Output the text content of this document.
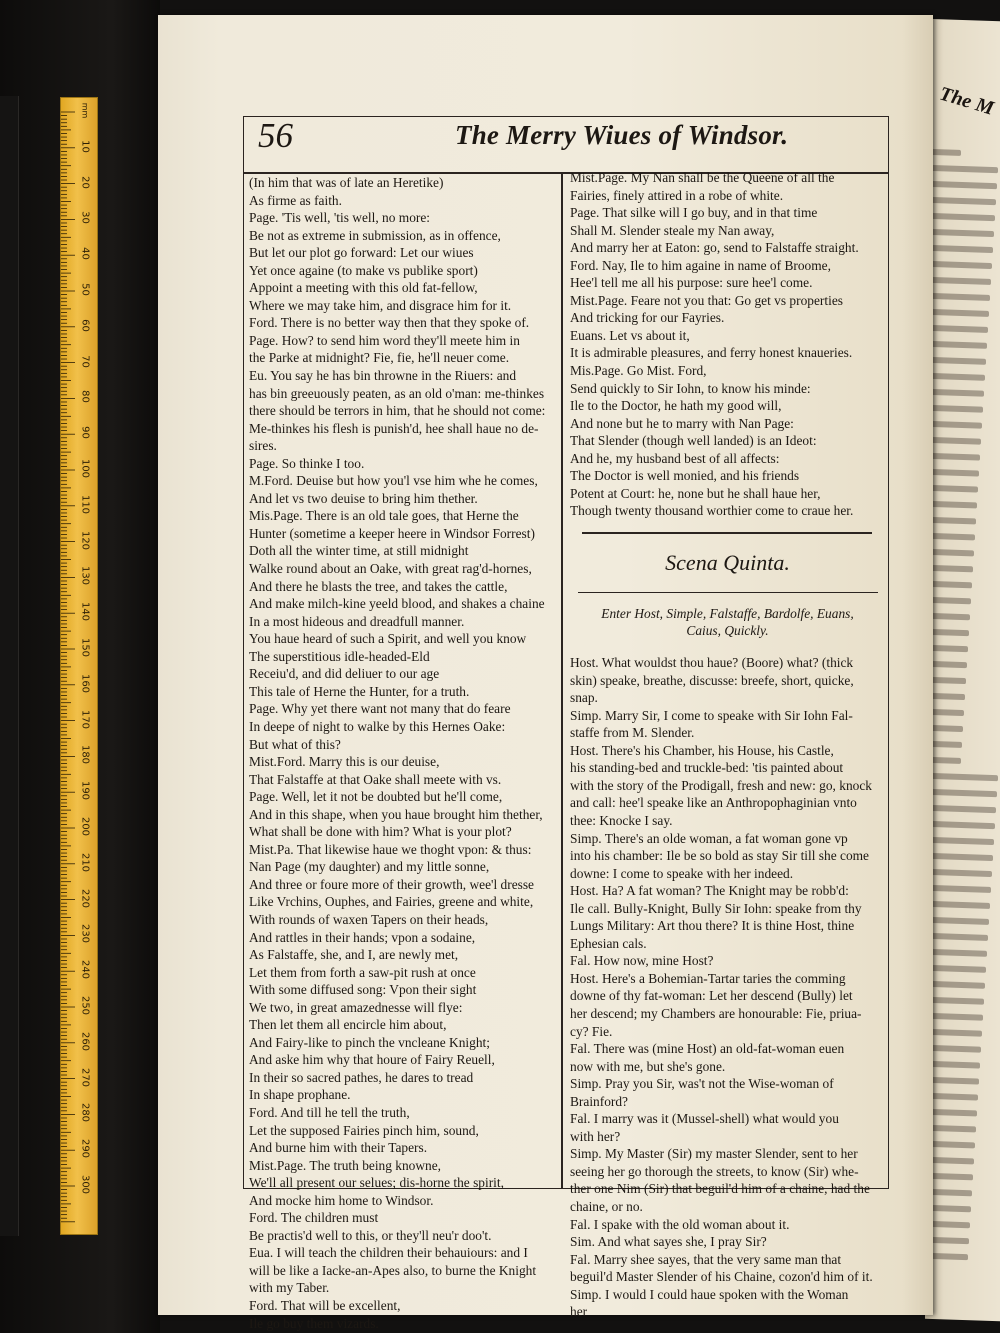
mm
10
20
30
40
50
60
70
80
90
100
110
120
130
140
150
160
170
180
190
200
210
220
230
240
250
260
270
280
290
300
The M
56	The Merry Wiues of Windsor.
(In him that was of late an Heretike)
As firme as faith.
Page. 'Tis well, 'tis well, no more:
Be not as extreme in submission, as in offence,
But let our plot go forward: Let our wiues
Yet once againe (to make vs publike sport)
Appoint a meeting with this old fat-fellow,
Where we may take him, and disgrace him for it.
Ford. There is no better way then that they spoke of.
Page. How? to send him word they'll meete him in
the Parke at midnight? Fie, fie, he'll neuer come.
Eu. You say he has bin throwne in the Riuers: and
has bin greeuously peaten, as an old o'man: me-thinkes
there should be terrors in him, that he should not come:
Me-thinkes his flesh is punish'd, hee shall haue no de-
sires.
Page. So thinke I too.
M.Ford. Deuise but how you'l vse him whe he comes,
And let vs two deuise to bring him thether.
Mis.Page. There is an old tale goes, that Herne the
Hunter (sometime a keeper heere in Windsor Forrest)
Doth all the winter time, at still midnight
Walke round about an Oake, with great rag'd-hornes,
And there he blasts the tree, and takes the cattle,
And make milch-kine yeeld blood, and shakes a chaine
In a most hideous and dreadfull manner.
You haue heard of such a Spirit, and well you know
The superstitious idle-headed-Eld
Receiu'd, and did deliuer to our age
This tale of Herne the Hunter, for a truth.
Page. Why yet there want not many that do feare
In deepe of night to walke by this Hernes Oake:
But what of this?
Mist.Ford. Marry this is our deuise,
That Falstaffe at that Oake shall meete with vs.
Page. Well, let it not be doubted but he'll come,
And in this shape, when you haue brought him thether,
What shall be done with him? What is your plot?
Mist.Pa. That likewise haue we thoght vpon: & thus:
Nan Page (my daughter) and my little sonne,
And three or foure more of their growth, wee'l dresse
Like Vrchins, Ouphes, and Fairies, greene and white,
With rounds of waxen Tapers on their heads,
And rattles in their hands; vpon a sodaine,
As Falstaffe, she, and I, are newly met,
Let them from forth a saw-pit rush at once
With some diffused song: Vpon their sight
We two, in great amazednesse will flye:
Then let them all encircle him about,
And Fairy-like to pinch the vncleane Knight;
And aske him why that houre of Fairy Reuell,
In their so sacred pathes, he dares to tread
In shape prophane.
Ford. And till he tell the truth,
Let the supposed Fairies pinch him, sound,
And burne him with their Tapers.
Mist.Page. The truth being knowne,
We'll all present our selues; dis-horne the spirit,
And mocke him home to Windsor.
Ford. The children must
Be practis'd well to this, or they'll neu'r doo't.
Eua. I will teach the children their behauiours: and I
will be like a Iacke-an-Apes also, to burne the Knight
with my Taber.
Ford. That will be excellent,
Ile go buy them vizards.
Mist.Page. My Nan shall be the Queene of all the
Fairies, finely attired in a robe of white.
Page. That silke will I go buy, and in that time
Shall M. Slender steale my Nan away,
And marry her at Eaton: go, send to Falstaffe straight.
Ford. Nay, Ile to him againe in name of Broome,
Hee'l tell me all his purpose: sure hee'l come.
Mist.Page. Feare not you that: Go get vs properties
And tricking for our Fayries.
Euans. Let vs about it,
It is admirable pleasures, and ferry honest knaueries.
Mis.Page. Go Mist. Ford,
Send quickly to Sir Iohn, to know his minde:
Ile to the Doctor, he hath my good will,
And none but he to marry with Nan Page:
That Slender (though well landed) is an Ideot:
And he, my husband best of all affects:
The Doctor is well monied, and his friends
Potent at Court: he, none but he shall haue her,
Though twenty thousand worthier come to craue her.
Scena Quinta.
Enter Host, Simple, Falstaffe, Bardolfe, Euans,
Caius, Quickly.
Host. What wouldst thou haue? (Boore) what? (thick
skin) speake, breathe, discusse: breefe, short, quicke,
snap.
Simp. Marry Sir, I come to speake with Sir Iohn Fal-
staffe from M. Slender.
Host. There's his Chamber, his House, his Castle,
his standing-bed and truckle-bed: 'tis painted about
with the story of the Prodigall, fresh and new: go, knock
and call: hee'l speake like an Anthropophaginian vnto
thee: Knocke I say.
Simp. There's an olde woman, a fat woman gone vp
into his chamber: Ile be so bold as stay Sir till she come
downe: I come to speake with her indeed.
Host. Ha? A fat woman? The Knight may be robb'd:
Ile call. Bully-Knight, Bully Sir Iohn: speake from thy
Lungs Military: Art thou there? It is thine Host, thine
Ephesian cals.
Fal. How now, mine Host?
Host. Here's a Bohemian-Tartar taries the comming
downe of thy fat-woman: Let her descend (Bully) let
her descend; my Chambers are honourable: Fie, priua-
cy? Fie.
Fal. There was (mine Host) an old-fat-woman euen
now with me, but she's gone.
Simp. Pray you Sir, was't not the Wise-woman of
Brainford?
Fal. I marry was it (Mussel-shell) what would you
with her?
Simp. My Master (Sir) my master Slender, sent to her
seeing her go thorough the streets, to know (Sir) whe-
ther one Nim (Sir) that beguil'd him of a chaine, had the
chaine, or no.
Fal. I spake with the old woman about it.
Sim. And what sayes she, I pray Sir?
Fal. Marry shee sayes, that the very same man that
beguil'd Master Slender of his Chaine, cozon'd him of it.
Simp. I would I could haue spoken with the Woman
her
